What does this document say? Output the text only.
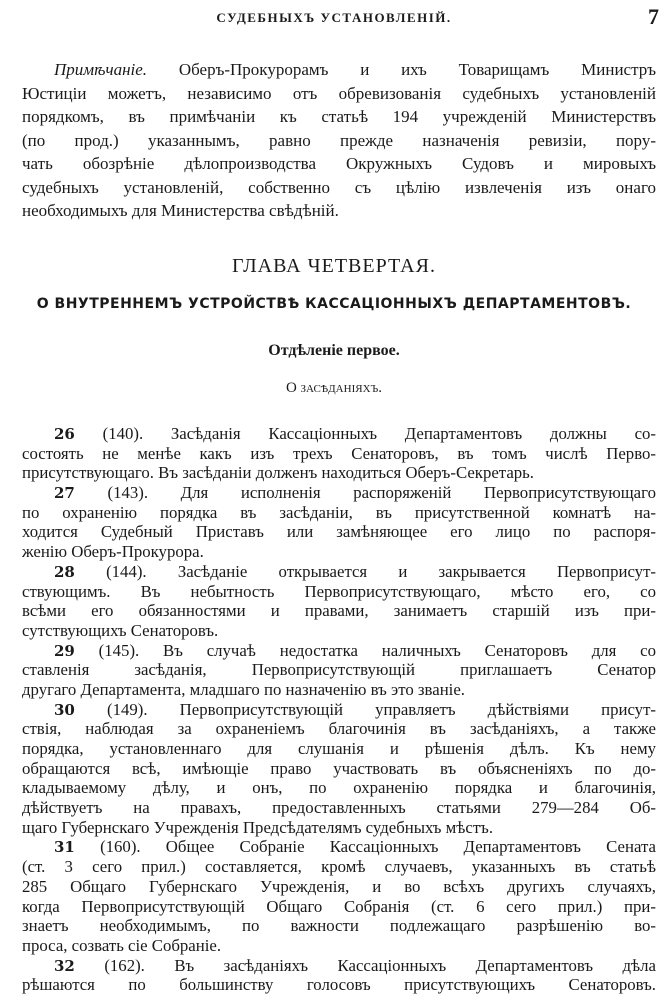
СУДЕБНЫХЪ УСТАНОВЛЕНІЙ.	7
Примѣчаніе. Оберъ-Прокурорамъ и ихъ Товарищамъ Министръ
Юстиціи можетъ, независимо отъ обревизованія судебныхъ установленій
порядкомъ, въ примѣчаніи къ статьѣ 194 учрежденій Министерствъ
(по прод.) указаннымъ, равно прежде назначенія ревизіи, пору-
чать обозрѣніе дѣлопроизводства Окружныхъ Судовъ и мировыхъ
судебныхъ установленій, собственно съ цѣлію извлеченія изъ онаго
необходимыхъ для Министерства свѣдѣній.
ГЛАВА ЧЕТВЕРТАЯ.
О ВНУТРЕННЕМЪ УСТРОЙСТВѢ КАССАЦІОННЫХЪ ДЕПАРТАМЕНТОВЪ.
Отдѣленіе первое.
О засѣданіяхъ.
26 (140). Засѣданія Кассаціонныхъ Департаментовъ должны со-
состоять не менѣе какъ изъ трехъ Сенаторовъ, въ томъ числѣ Перво-
присутствующаго. Въ засѣданіи долженъ находиться Оберъ-Секретарь.
27 (143). Для исполненія распоряженій Первоприсутствующаго
по охраненію порядка въ засѣданіи, въ присутственной комнатѣ на-
ходится Судебный Приставъ или замѣняющее его лицо по распоря-
женію Оберъ-Прокурора.
28 (144). Засѣданіе открывается и закрывается Первоприсут-
ствующимъ. Въ небытность Первоприсутствующаго, мѣсто его, со
всѣми его обязанностями и правами, занимаетъ старшій изъ при-
сутствующихъ Сенаторовъ.
29 (145). Въ случаѣ недостатка наличныхъ Сенаторовъ для со
ставленія засѣданія, Первоприсутствующій приглашаетъ Сенатор
другаго Департамента, младшаго по назначенію въ это званіе.
30 (149). Первоприсутствующій управляетъ дѣйствіями присут-
ствія, наблюдая за охраненіемъ благочинія въ засѣданіяхъ, а также
порядка, установленнаго для слушанія и рѣшенія дѣлъ. Къ нему
обращаются всѣ, имѣющіе право участвовать въ объясненіяхъ по до-
кладываемому дѣлу, и онъ, по охраненію порядка и благочинія,
дѣйствуетъ на правахъ, предоставленныхъ статьями 279—284 Об-
щаго Губернскаго Учрежденія Предсѣдателямъ судебныхъ мѣстъ.
31 (160). Общее Собраніе Кассаціонныхъ Департаментовъ Сената
(ст. 3 сего прил.) составляется, кромѣ случаевъ, указанныхъ въ статьѣ
285 Общаго Губернскаго Учрежденія, и во всѣхъ другихъ случаяхъ,
когда Первоприсутствующій Общаго Собранія (ст. 6 сего прил.) при-
знаетъ необходимымъ, по важности подлежащаго разрѣшенію во-
проса, созвать сіе Собраніе.
32 (162). Въ засѣданіяхъ Кассаціонныхъ Департаментовъ дѣла
рѣшаются по большинству голосовъ присутствующихъ Сенаторовъ.
